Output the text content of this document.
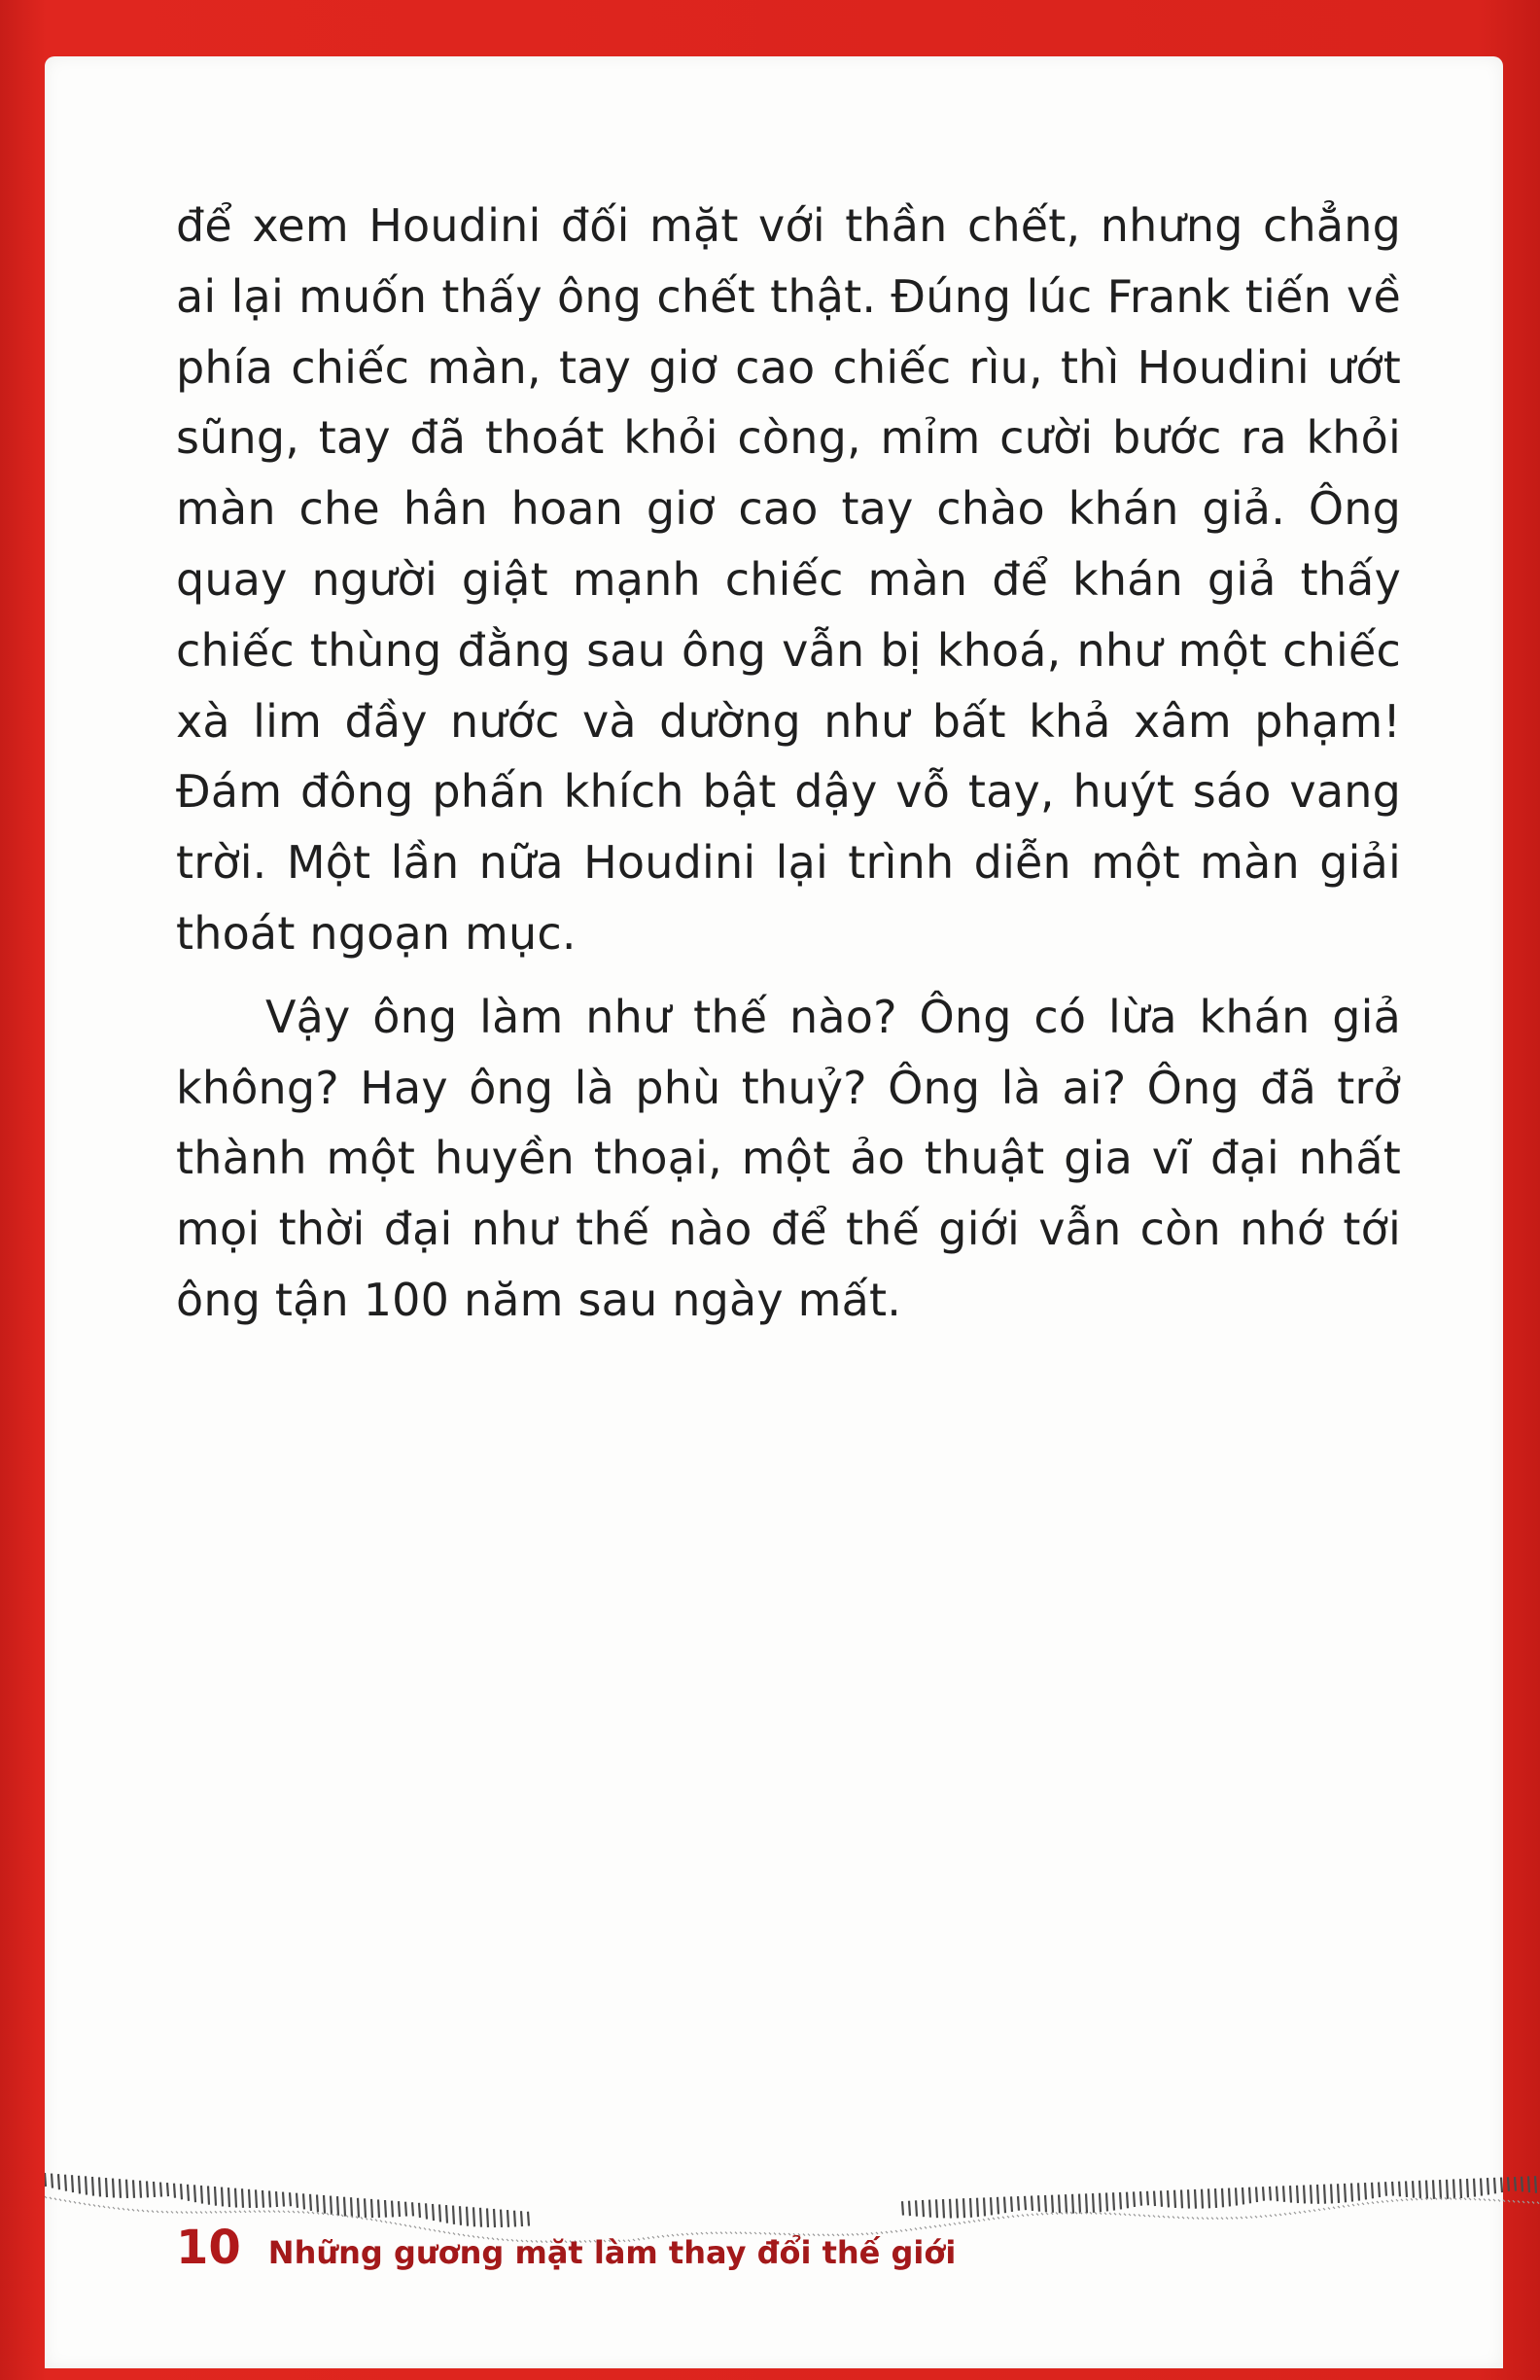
để xem Houdini đối mặt với thần chết, nhưng chẳng ai lại muốn thấy ông chết thật. Đúng lúc Frank tiến về phía chiếc màn, tay giơ cao chiếc rìu, thì Houdini ướt sũng, tay đã thoát khỏi còng, mỉm cười bước ra khỏi màn che hân hoan giơ cao tay chào khán giả. Ông quay người giật mạnh chiếc màn để khán giả thấy chiếc thùng đằng sau ông vẫn bị khoá, như một chiếc xà lim đầy nước và dường như bất khả xâm phạm! Đám đông phấn khích bật dậy vỗ tay, huýt sáo vang trời. Một lần nữa Houdini lại trình diễn một màn giải thoát ngoạn mục.

Vậy ông làm như thế nào? Ông có lừa khán giả không? Hay ông là phù thuỷ? Ông là ai? Ông đã trở thành một huyền thoại, một ảo thuật gia vĩ đại nhất mọi thời đại như thế nào để thế giới vẫn còn nhớ tới ông tận 100 năm sau ngày mất.

10 Những gương mặt làm thay đổi thế giới
